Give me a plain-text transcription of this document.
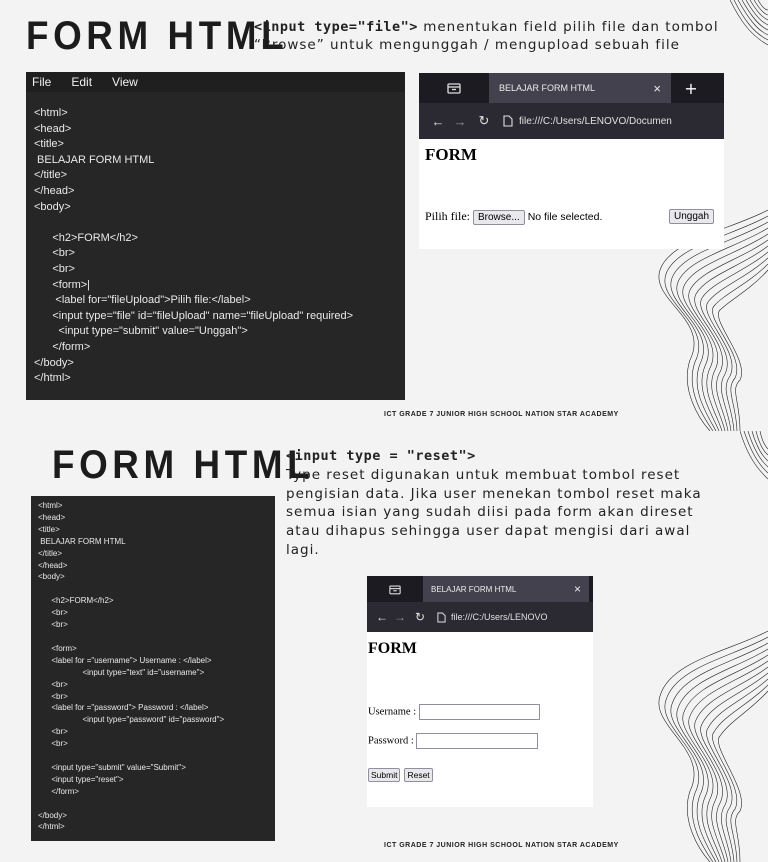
FORM HTML
<input type="file"> menentukan field pilih file dan tombol
“Browse” untuk mengunggah / mengupload sebuah file
File Edit View
<html>
<head>
<title>
BELAJAR FORM HTML
</title>
</head>
<body>

<h2>FORM</h2>
<br>
<br>
<form>|
<label for="fileUpload">Pilih file:</label>
<input type="file" id="fileUpload" name="fileUpload" required>
<input type="submit" value="Unggah">
</form>
</body>
</html>
BELAJAR FORM HTML	×	+
← → ↻	file:///C:/Users/LENOVO/Documen
FORM
Pilih file: Browse... No file selected.	Unggah
ICT GRADE 7 JUNIOR HIGH SCHOOL NATION STAR ACADEMY
FORM HTML
<input type = "reset">
Type reset digunakan untuk membuat tombol reset
pengisian data. Jika user menekan tombol reset maka
semua isian yang sudah diisi pada form akan direset
atau dihapus sehingga user dapat mengisi dari awal
lagi.
<html>
<head>
<title>
BELAJAR FORM HTML
</title>
</head>
<body>

<h2>FORM</h2>
<br>
<br>

<form>
<label for ="username"> Username : </label>
<input type="text" id="username">
<br>
<br>
<label for ="password"> Password : </label>
<input type="password" id="password">
<br>
<br>

<input type="submit" value="Submit">
<input type="reset">
</form>

</body>
</html>
BELAJAR FORM HTML	×
← → ↻	file:///C:/Users/LENOVO
FORM
Username :
Password :
Submit Reset
ICT GRADE 7 JUNIOR HIGH SCHOOL NATION STAR ACADEMY
